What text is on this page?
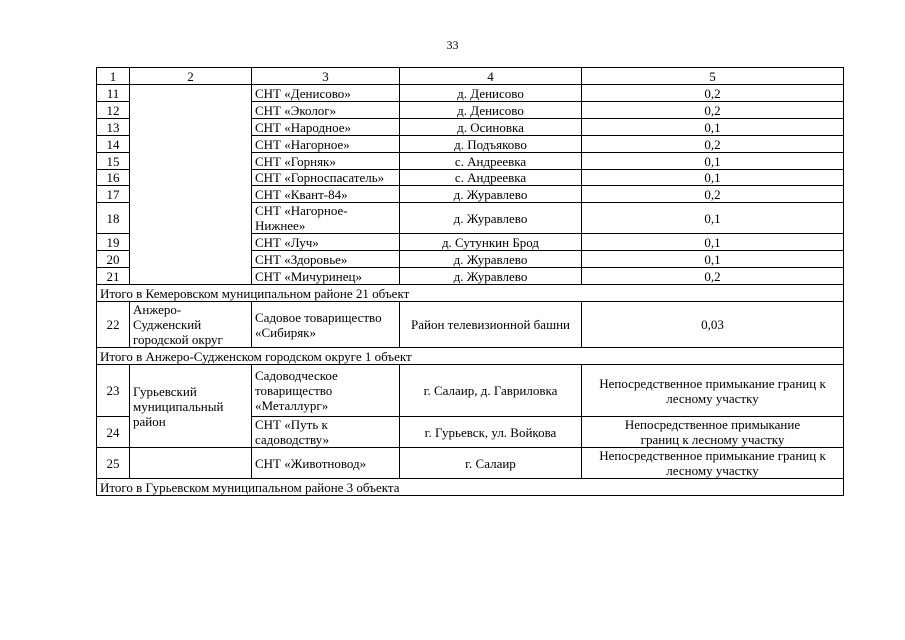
33
1	2	3	4	5
11		СНТ «Денисово»	д. Денисово	0,2
12		СНТ «Эколог»	д. Денисово	0,2
13		СНТ «Народное»	д. Осиновка	0,1
14		СНТ «Нагорное»	д. Подъяково	0,2
15		СНТ «Горняк»	с. Андреевка	0,1
16		СНТ «Горноспасатель»	с. Андреевка	0,1
17		СНТ «Квант-84»	д. Журавлево	0,2
18		СНТ «Нагорное-Нижнее»	д. Журавлево	0,1
19		СНТ «Луч»	д. Сутункин Брод	0,1
20		СНТ «Здоровье»	д. Журавлево	0,1
21		СНТ «Мичуринец»	д. Журавлево	0,2
Итого в Кемеровском муниципальном районе 21 объект				
22	Анжеро-Судженский городской округ	Садовое товарищество «Сибиряк»	Район телевизионной башни	0,03
Итого в Анжеро-Судженском городском округе 1 объект				
23	Гурьевский муниципальный район	Садоводческое товарищество «Металлург»	г. Салаир, д. Гавриловка	Непосредственное примыкание границ к лесному участку
24		СНТ «Путь к садоводству»	г. Гурьевск, ул. Войкова	Непосредственное примыкание границ к лесному участку
25		СНТ «Животновод»	г. Салаир	Непосредственное примыкание границ к лесному участку
Итого в Гурьевском муниципальном районе 3 объекта				
